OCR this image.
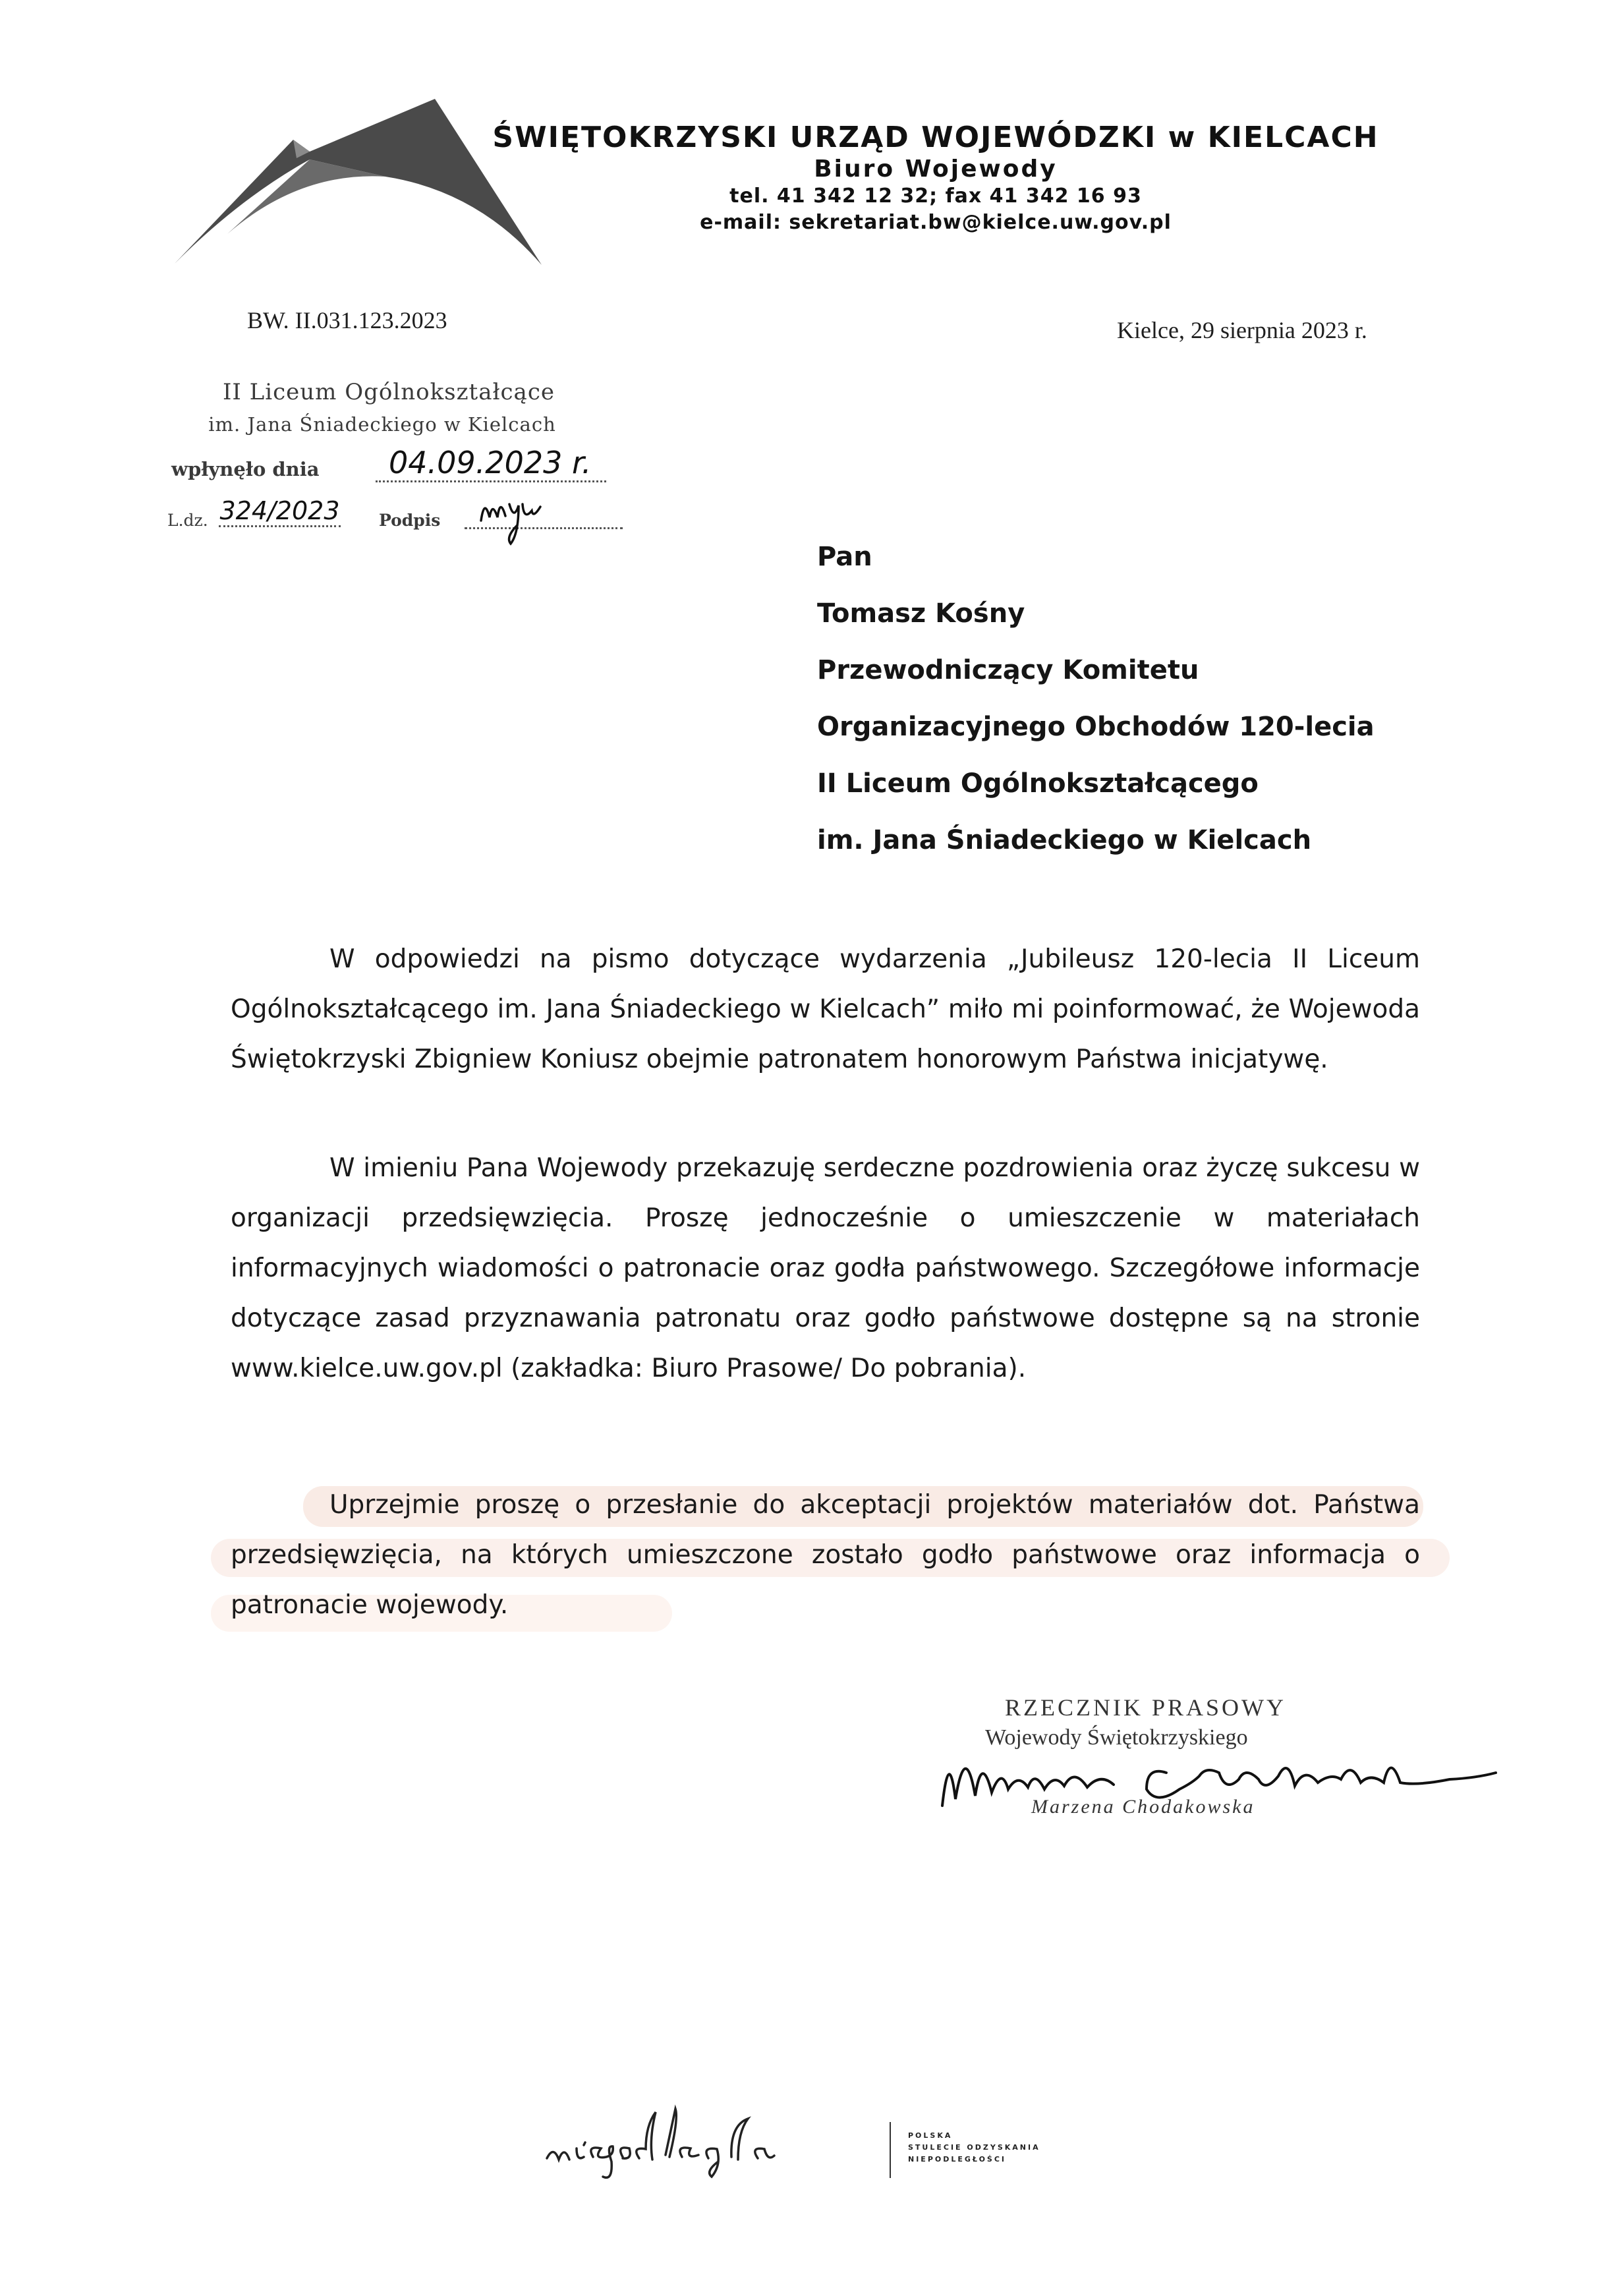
ŚWIĘTOKRZYSKI URZĄD WOJEWÓDZKI w KIELCACH
Biuro Wojewody
tel. 41 342 12 32; fax 41 342 16 93
e-mail: sekretariat.bw@kielce.uw.gov.pl
BW. II.031.123.2023	Kielce, 29 sierpnia 2023 r.
II Liceum Ogólnokształcące
im. Jana Śniadeckiego w Kielcach
wpłynęło dnia	04.09.2023 r.
L.dz. 324/2023 Podpis
Pan
Tomasz Kośny
Przewodniczący Komitetu
Organizacyjnego Obchodów 120-lecia
II Liceum Ogólnokształcącego
im. Jana Śniadeckiego w Kielcach
W odpowiedzi na pismo dotyczące wydarzenia „Jubileusz 120-lecia II Liceum Ogólnokształcącego im. Jana Śniadeckiego w Kielcach” miło mi poinformować, że Wojewoda Świętokrzyski Zbigniew Koniusz obejmie patronatem honorowym Państwa inicjatywę.
W imieniu Pana Wojewody przekazuję serdeczne pozdrowienia oraz życzę sukcesu w organizacji przedsięwzięcia. Proszę jednocześnie o umieszczenie w materiałach informacyjnych wiadomości o patronacie oraz godła państwowego. Szczegółowe informacje dotyczące zasad przyznawania patronatu oraz godło państwowe dostępne są na stronie www.kielce.uw.gov.pl (zakładka: Biuro Prasowe/ Do pobrania).
Uprzejmie proszę o przesłanie do akceptacji projektów materiałów dot. Państwa przedsięwzięcia, na których umieszczone zostało godło państwowe oraz informacja o patronacie wojewody.
RZECZNIK PRASOWY
Wojewody Świętokrzyskiego
Marzena Chodakowska
POLSKA
STULECIE ODZYSKANIA
NIEPODLEGŁOŚCI
